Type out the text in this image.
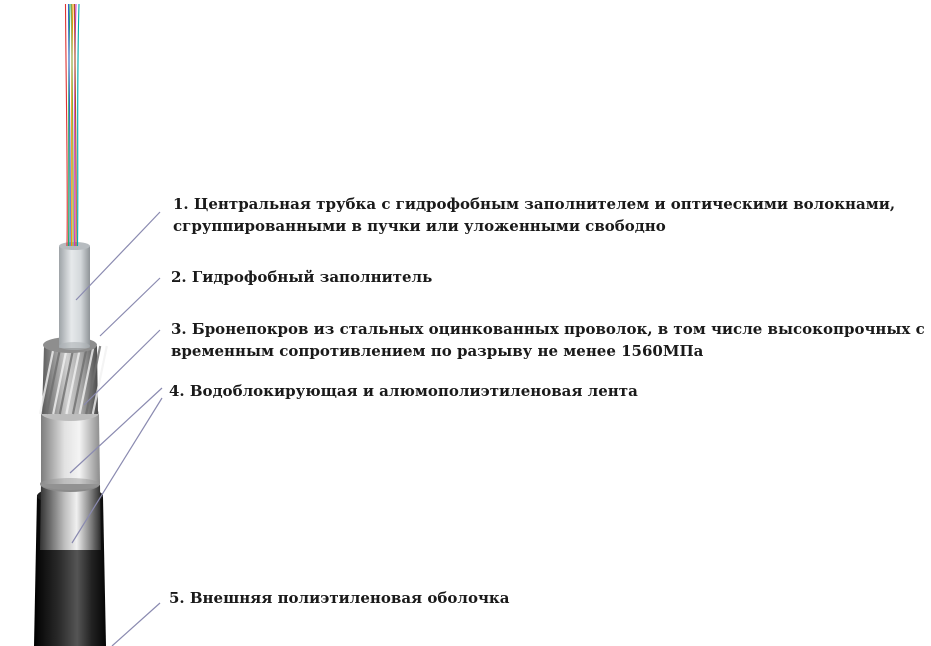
1. Центральная трубка с гидрофобным заполнителем и оптическими волокнами,
сгруппированными в пучки или уложенными свободно

2. Гидрофобный заполнитель

3. Бронепокров из стальных оцинкованных проволок, в том числе высокопрочных с
временным сопротивлением по разрыву не менее 1560МПа

4. Водоблокирующая и алюмополиэтиленовая лента

5. Внешняя полиэтиленовая оболочка
